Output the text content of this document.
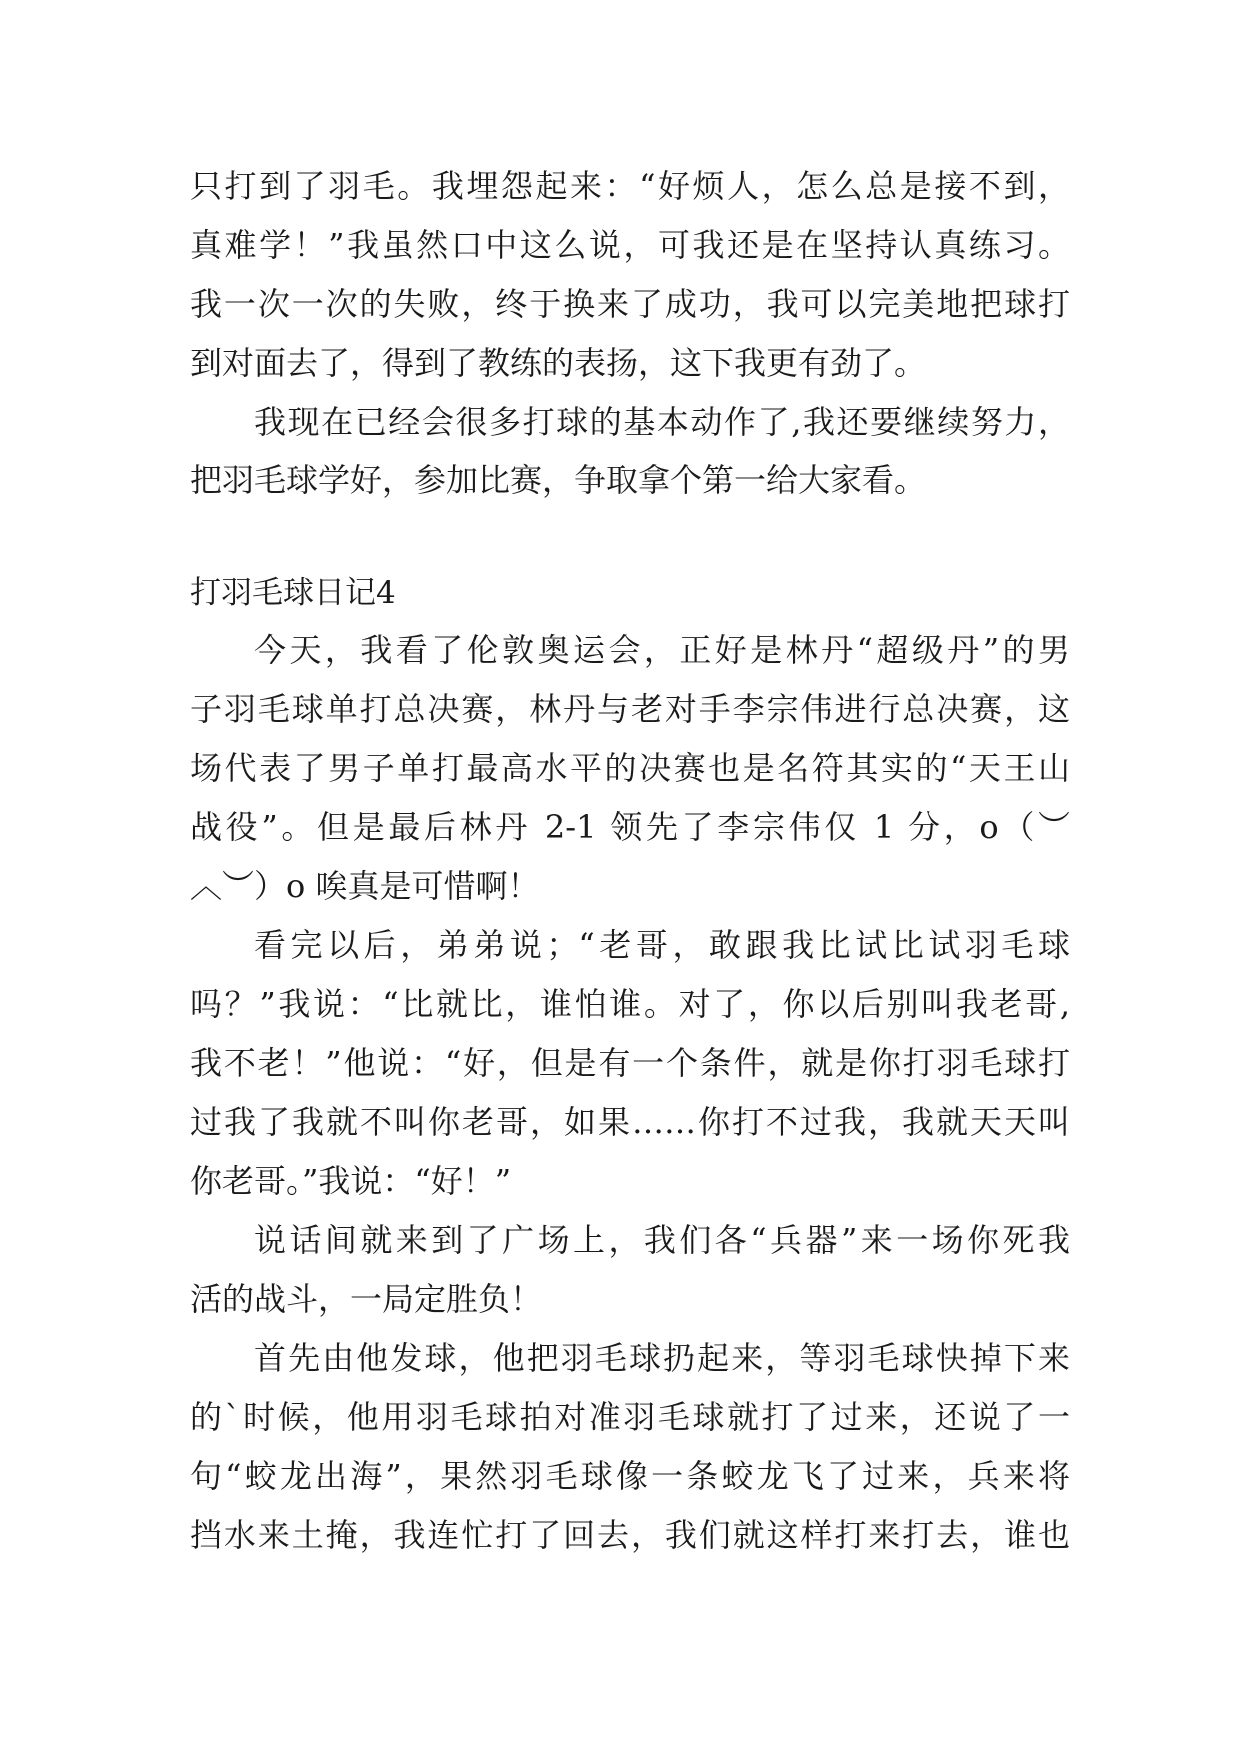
只打到了羽毛。我埋怨起来：“好烦人，怎么总是接不到，
真难学！”我虽然口中这么说，可我还是在坚持认真练习。
我一次一次的失败，终于换来了成功，我可以完美地把球打
到对面去了，得到了教练的表扬，这下我更有劲了。
我现在已经会很多打球的基本动作了,我还要继续努力，
把羽毛球学好，参加比赛，争取拿个第一给大家看。
打羽毛球日记4
今天，我看了伦敦奥运会，正好是林丹“超级丹”的男
子羽毛球单打总决赛，林丹与老对手李宗伟进行总决赛，这
场代表了男子单打最高水平的决赛也是名符其实的“天王山
战役”。但是最后林丹 2-1 领先了李宗伟仅 1 分，o（︶
︿︶）o 唉真是可惜啊！
看完以后，弟弟说；“老哥，敢跟我比试比试羽毛球
吗？”我说：“比就比，谁怕谁。对了，你以后别叫我老哥,
我不老！”他说：“好，但是有一个条件，就是你打羽毛球打
过我了我就不叫你老哥，如果……你打不过我，我就天天叫
你老哥。”我说：“好！”
说话间就来到了广场上，我们各“兵器”来一场你死我
活的战斗，一局定胜负！
首先由他发球，他把羽毛球扔起来，等羽毛球快掉下来
的`时候，他用羽毛球拍对准羽毛球就打了过来，还说了一
句“蛟龙出海”，果然羽毛球像一条蛟龙飞了过来，兵来将
挡水来土掩，我连忙打了回去，我们就这样打来打去，谁也
